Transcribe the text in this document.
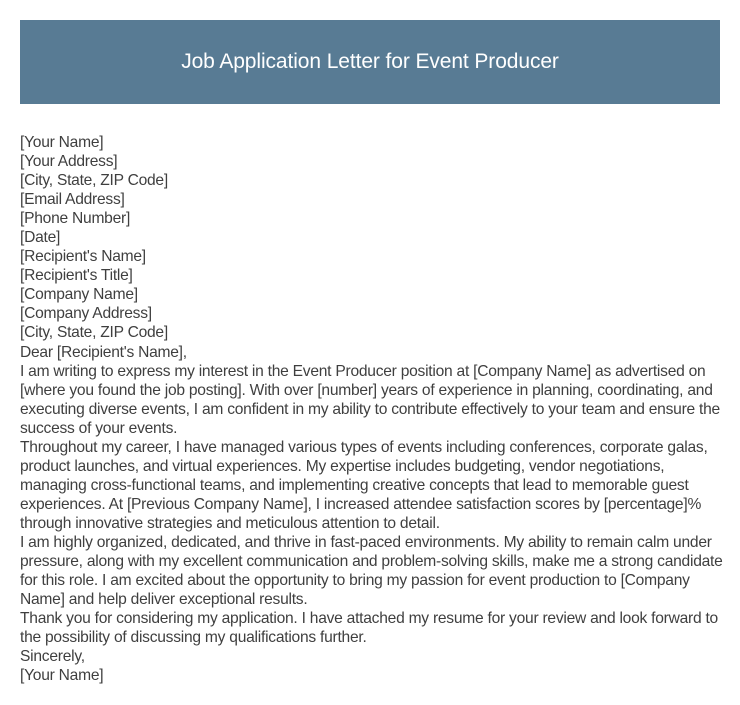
Job Application Letter for Event Producer
[Your Name]
[Your Address]
[City, State, ZIP Code]
[Email Address]
[Phone Number]
[Date]
[Recipient's Name]
[Recipient's Title]
[Company Name]
[Company Address]
[City, State, ZIP Code]
Dear [Recipient's Name],

I am writing to express my interest in the Event Producer position at [Company Name] as advertised on [where you found the job posting]. With over [number] years of experience in planning, coordinating, and executing diverse events, I am confident in my ability to contribute effectively to your team and ensure the success of your events.

Throughout my career, I have managed various types of events including conferences, corporate galas, product launches, and virtual experiences. My expertise includes budgeting, vendor negotiations, managing cross-functional teams, and implementing creative concepts that lead to memorable guest experiences. At [Previous Company Name], I increased attendee satisfaction scores by [percentage]% through innovative strategies and meticulous attention to detail.

I am highly organized, dedicated, and thrive in fast-paced environments. My ability to remain calm under pressure, along with my excellent communication and problem-solving skills, make me a strong candidate for this role. I am excited about the opportunity to bring my passion for event production to [Company Name] and help deliver exceptional results.

Thank you for considering my application. I have attached my resume for your review and look forward to the possibility of discussing my qualifications further.

Sincerely,
[Your Name]
